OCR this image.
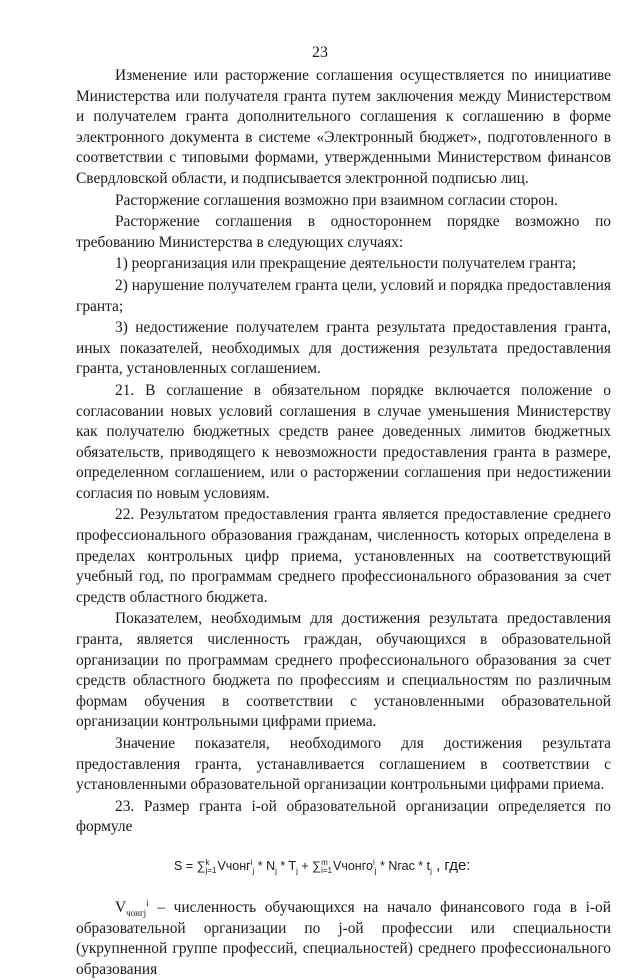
23

Изменение или расторжение соглашения осуществляется по инициативе Министерства или получателя гранта путем заключения между Министерством и получателем гранта дополнительного соглашения к соглашению в форме электронного документа в системе «Электронный бюджет», подготовленного в соответствии с типовыми формами, утвержденными Министерством финансов Свердловской области, и подписывается электронной подписью лиц.

Расторжение соглашения возможно при взаимном согласии сторон.

Расторжение соглашения в одностороннем порядке возможно по требованию Министерства в следующих случаях:

1) реорганизация или прекращение деятельности получателем гранта;

2) нарушение получателем гранта цели, условий и порядка предоставления гранта;

3) недостижение получателем гранта результата предоставления гранта, иных показателей, необходимых для достижения результата предоставления гранта, установленных соглашением.

21. В соглашение в обязательном порядке включается положение о согласовании новых условий соглашения в случае уменьшения Министерству как получателю бюджетных средств ранее доведенных лимитов бюджетных обязательств, приводящего к невозможности предоставления гранта в размере, определенном соглашением, или о расторжении соглашения при недостижении согласия по новым условиям.

22. Результатом предоставления гранта является предоставление среднего профессионального образования гражданам, численность которых определена в пределах контрольных цифр приема, установленных на соответствующий учебный год, по программам среднего профессионального образования за счет средств областного бюджета.

Показателем, необходимым для достижения результата предоставления гранта, является численность граждан, обучающихся в образовательной организации по программам среднего профессионального образования за счет средств областного бюджета по профессиям и специальностям по различным формам обучения в соответствии с установленными образовательной организации контрольными цифрами приема.

Значение показателя, необходимого для достижения результата предоставления гранта, устанавливается соглашением в соответствии с установленными образовательной организации контрольными цифрами приема.

23. Размер гранта i-ой образовательной организации определяется по формуле

S = ∑ k
j=1 Vчонг$^i_j$ * $N_j * T_j$ + ∑ m
i=1 Vчонго$^i_j$ * Nгас * $t_j$ , где:

$V_{чонгj}^i$ – численность обучающихся на начало финансового года в i-ой образовательной организации по j-ой профессии или специальности (укрупненной группе профессий, специальностей) среднего профессионального образования
